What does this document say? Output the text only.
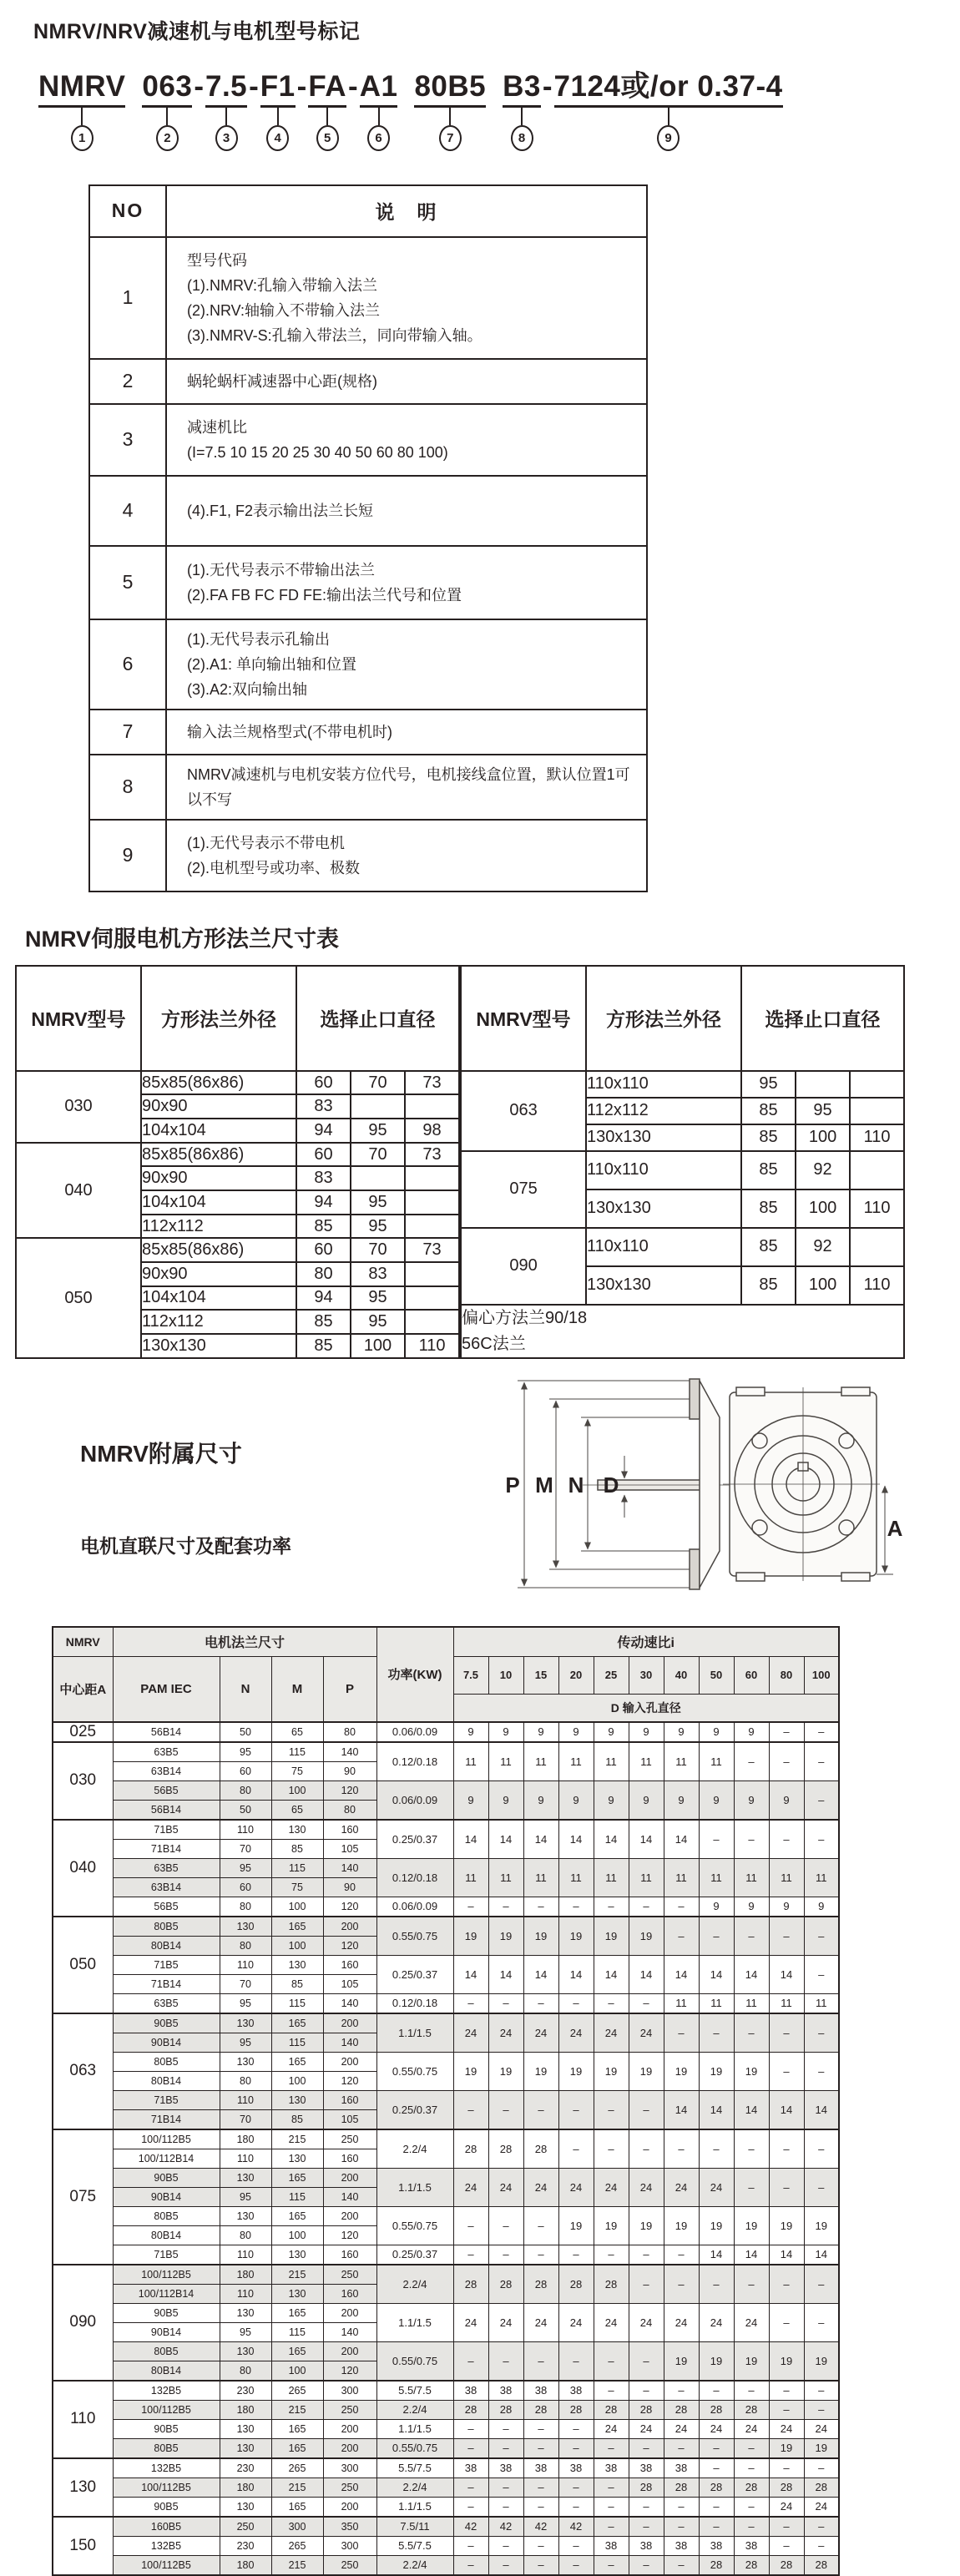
NMRV/NRV减速机与电机型号标记
NMRV
1
063
2
- 7.5
3
- F1
4
- FA
5
- A1
6
80B5
7
B3
8
- 7124或/or 0.37-4
9
NO	说　明
1	型号代码
(1).NMRV:孔输入带输入法兰
(2).NRV:轴输入不带输入法兰
(3).NMRV-S:孔输入带法兰，同向带输入轴。

2	蜗轮蜗杆减速器中心距(规格)

3	减速机比
(I=7.5 10 15 20 25 30 40 50 60 80 100)

4	(4).F1, F2表示输出法兰长短

5	(1).无代号表示不带输出法兰
(2).FA FB FC FD FE:输出法兰代号和位置

6	(1).无代号表示孔输出
(2).A1: 单向输出轴和位置
(3).A2:双向输出轴

7	输入法兰规格型式(不带电机时)

8	NMRV减速机与电机安装方位代号，电机接线盒位置，默认位置1可以不写

9	(1).无代号表示不带电机
(2).电机型号或功率、极数
NMRV伺服电机方形法兰尺寸表
NMRV型号	方形法兰外径	选择止口直径		
030	85x85(86x86)	60	70	73
	90x90	83		
	104x104	94	95	98
040	85x85(86x86)	60	70	73
	90x90	83		
	104x104	94	95	
	112x112	85	95	
050	85x85(86x86)	60	70	73
	90x90	80	83	
	104x104	94	95	
	112x112	85	95	
	130x130	85	100	110
NMRV型号	方形法兰外径	选择止口直径		
063	110x110	95		
	112x112	85	95	
	130x130	85	100	110
075	110x110	85	92	
	130x130	85	100	110
090	110x110	85	92	
	130x130	85	100	110

偏心方法兰90/18
56C法兰				
NMRV附属尺寸
电机直联尺寸及配套功率
P M N D
A
NMRV	电机法兰尺寸				功率(KW)	传动速比i										
中心距A	PAM IEC	N	M	P		7.5	10	15	20	25	30	40	50	60	80	100
						D 输入孔直径										
025	56B14	50	65	80	0.06/0.09	9	9	9	9	9	9	9	9	9	–	–
030	63B5	95	115	140	0.12/0.18	11	11	11	11	11	11	11	11	–	–	–
	63B14	60	75	90												
	56B5	80	100	120	0.06/0.09	9	9	9	9	9	9	9	9	9	9	–
	56B14	50	65	80												
040	71B5	110	130	160	0.25/0.37	14	14	14	14	14	14	14	–	–	–	–
	71B14	70	85	105												
	63B5	95	115	140	0.12/0.18	11	11	11	11	11	11	11	11	11	11	11
	63B14	60	75	90												
	56B5	80	100	120	0.06/0.09	–	–	–	–	–	–	–	9	9	9	9
050	80B5	130	165	200	0.55/0.75	19	19	19	19	19	19	–	–	–	–	–
	80B14	80	100	120												
	71B5	110	130	160	0.25/0.37	14	14	14	14	14	14	14	14	14	14	–
	71B14	70	85	105												
	63B5	95	115	140	0.12/0.18	–	–	–	–	–	–	11	11	11	11	11
063	90B5	130	165	200	1.1/1.5	24	24	24	24	24	24	–	–	–	–	–
	90B14	95	115	140												
	80B5	130	165	200	0.55/0.75	19	19	19	19	19	19	19	19	19	–	–
	80B14	80	100	120												
	71B5	110	130	160	0.25/0.37	–	–	–	–	–	–	14	14	14	14	14
	71B14	70	85	105												
075	100/112B5	180	215	250	2.2/4	28	28	28	–	–	–	–	–	–	–	–
	100/112B14	110	130	160												
	90B5	130	165	200	1.1/1.5	24	24	24	24	24	24	24	24	–	–	–
	90B14	95	115	140												
	80B5	130	165	200	0.55/0.75	–	–	–	19	19	19	19	19	19	19	19
	80B14	80	100	120												
	71B5	110	130	160	0.25/0.37	–	–	–	–	–	–	–	14	14	14	14
090	100/112B5	180	215	250	2.2/4	28	28	28	28	28	–	–	–	–	–	–
	100/112B14	110	130	160												
	90B5	130	165	200	1.1/1.5	24	24	24	24	24	24	24	24	24	–	–
	90B14	95	115	140												
	80B5	130	165	200	0.55/0.75	–	–	–	–	–	–	19	19	19	19	19
	80B14	80	100	120												
110	132B5	230	265	300	5.5/7.5	38	38	38	38	–	–	–	–	–	–	–
	100/112B5	180	215	250	2.2/4	28	28	28	28	28	28	28	28	28	–	–
	90B5	130	165	200	1.1/1.5	–	–	–	–	24	24	24	24	24	24	24
	80B5	130	165	200	0.55/0.75	–	–	–	–	–	–	–	–	–	19	19
130	132B5	230	265	300	5.5/7.5	38	38	38	38	38	38	38	–	–	–	–
	100/112B5	180	215	250	2.2/4	–	–	–	–	–	28	28	28	28	28	28
	90B5	130	165	200	1.1/1.5	–	–	–	–	–	–	–	–	–	24	24
150	160B5	250	300	350	7.5/11	42	42	42	42	–	–	–	–	–	–	–
	132B5	230	265	300	5.5/7.5	–	–	–	–	38	38	38	38	38	–	–
	100/112B5	180	215	250	2.2/4	–	–	–	–	–	–	–	28	28	28	28
